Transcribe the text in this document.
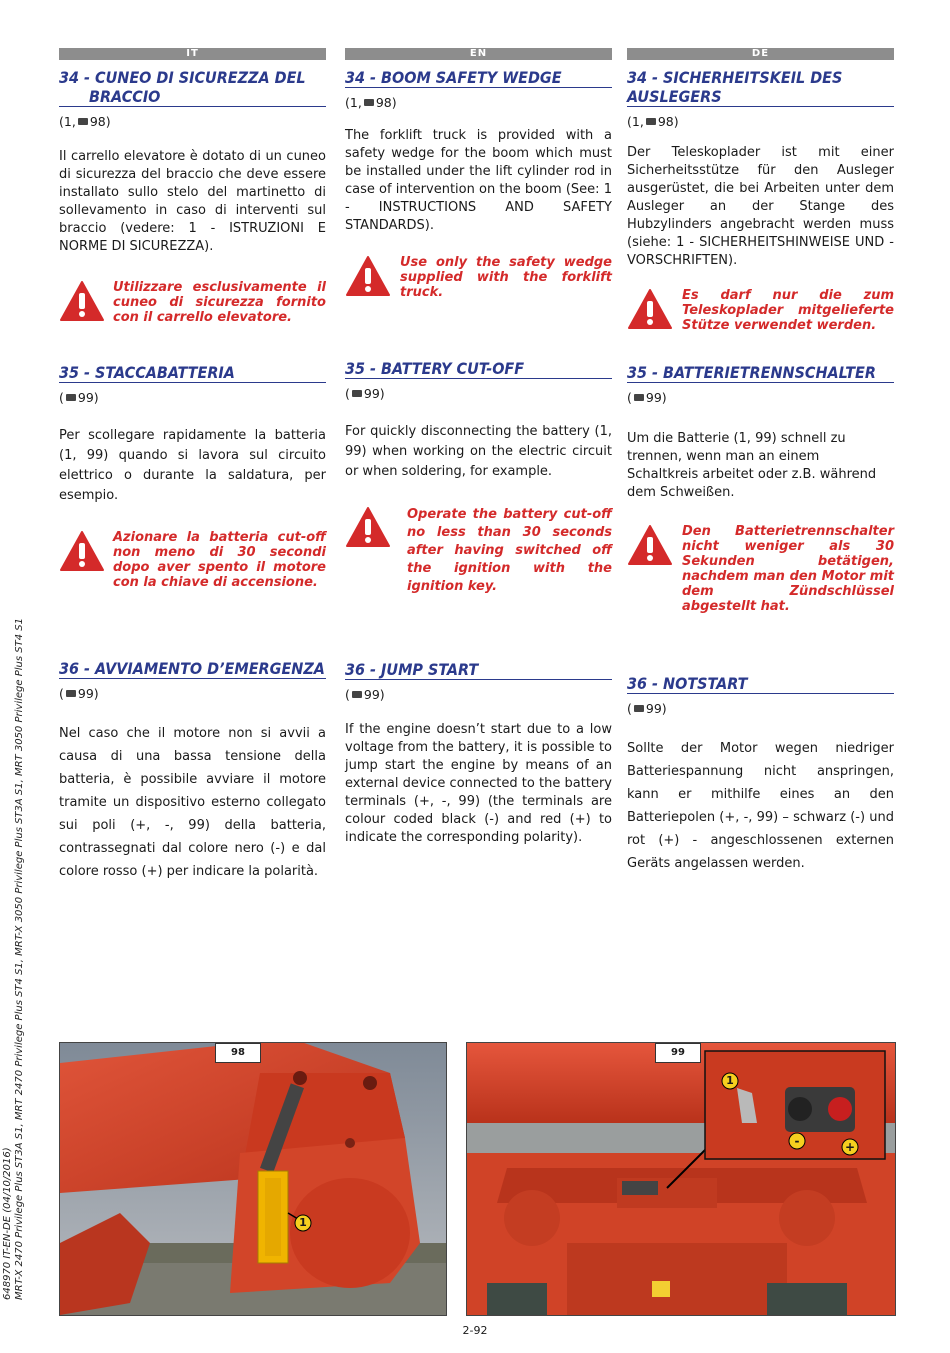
IT	EN	DE
34 - CUNEO DI SICUREZZA DEL
BRACCIO
(1, 98)
Il carrello elevatore è dotato di un cuneo di sicurezza del braccio che deve essere installato sullo stelo del martinetto di sollevamento in caso di interventi sul braccio (vedere: 1 - ISTRUZIONI E NORME DI SICUREZZA).
Utilizzare esclusivamente il cuneo di sicurezza fornito con il carrello elevatore.
34 - BOOM SAFETY WEDGE
(1, 98)
The forklift truck is provided with a safety wedge for the boom which must be installed under the lift cylinder rod in case of intervention on the boom (See: 1 - INSTRUCTIONS AND SAFETY STANDARDS).
Use only the safety wedge supplied with the forklift truck.
34 - SICHERHEITSKEIL DES AUSLEGERS
(1, 98)
Der Teleskoplader ist mit einer Sicherheitsstütze für den Ausleger ausgerüstet, die bei Arbeiten unter dem Ausleger an der Stange des Hubzylinders angebracht werden muss (siehe: 1 - SICHERHEITSHINWEISE UND -VORSCHRIFTEN).
Es darf nur die zum Teleskoplader mitgelieferte Stütze verwendet werden.
35 - STACCABATTERIA
( 99)
Per scollegare rapidamente la batteria (1, 99) quando si lavora sul circuito elettrico o durante la saldatura, per esempio.
Azionare la batteria cut-off non meno di 30 secondi dopo aver spento il motore con la chiave di accensione.
35 - BATTERY CUT-OFF
( 99)
For quickly disconnecting the battery (1, 99) when working on the electric circuit or when soldering, for example.
Operate the battery cut-off no less than 30 seconds after having switched off the ignition with the ignition key.
35 - BATTERIETRENNSCHALTER
( 99)
Um die Batterie (1, 99) schnell zu trennen, wenn man an einem Schaltkreis arbeitet oder z.B. während dem Schweißen.
Den Batterietrennschalter nicht weniger als 30 Sekunden betätigen, nachdem man den Motor mit dem Zündschlüssel abgestellt hat.
36 - AVVIAMENTO D’EMERGENZA
( 99)
Nel caso che il motore non si avvii a causa di una bassa tensione della batteria, è possibile avviare il motore tramite un dispositivo esterno collegato sui poli (+, -, 99) della batteria, contrassegnati dal colore nero (-) e dal colore rosso (+) per indicare la polarità.
36 - JUMP START
( 99)
If the engine doesn’t start due to a low voltage from the battery, it is possible to jump start the engine by means of an external device connected to the battery terminals (+, -, 99) (the terminals are colour coded black (-) and red (+) to indicate the corresponding polarity).
36 - NOTSTART
( 99)
Sollte der Motor wegen niedriger Batteriespannung nicht anspringen, kann er mithilfe eines an den Batteriepolen (+, -, 99) – schwarz (-) und rot (+) - angeschlossenen externen Geräts angelassen werden.
98
1
99
1
-	+
648970 IT-EN-DE (04/10/2016) MRT-X 2470 Privilege Plus ST3A S1, MRT 2470 Privilege Plus ST4 S1, MRT-X 3050 Privilege Plus ST3A S1, MRT 3050 Privilege Plus ST4 S1
2-92
